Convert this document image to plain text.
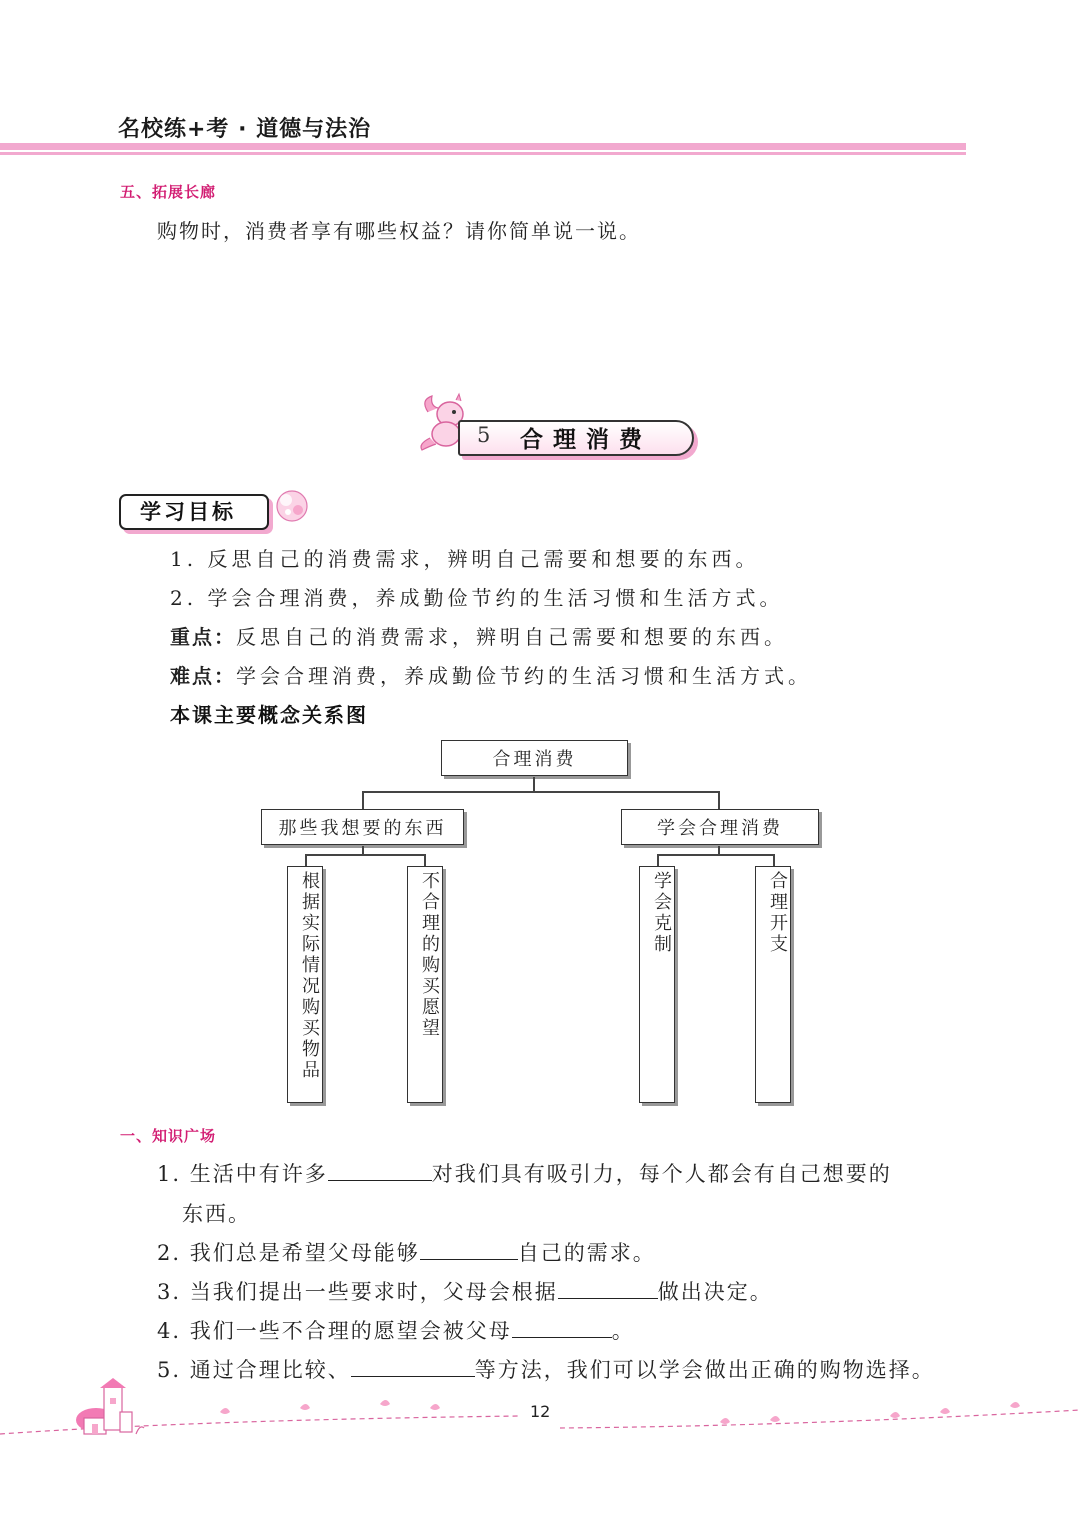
名校练+考 · 道德与法治
五、拓展长廊
购物时，消费者享有哪些权益？请你简单说一说。
5 合理消费
学习目标
1. 反思自己的消费需求，辨明自己需要和想要的东西。
2. 学会合理消费，养成勤俭节约的生活习惯和生活方式。
重点：反思自己的消费需求，辨明自己需要和想要的东西。
难点：学会合理消费，养成勤俭节约的生活习惯和生活方式。
本课主要概念关系图
合理消费
那些我想要的东西	学会合理消费
根据实际情况购买物品	不合理的购买愿望	学会克制	合理开支
一、知识广场
1. 生活中有许多	对我们具有吸引力，每个人都会有自己想要的
东西。
2. 我们总是希望父母能够	自己的需求。
3. 当我们提出一些要求时，父母会根据	做出决定。
4. 我们一些不合理的愿望会被父母	。
5. 通过合理比较、	等方法，我们可以学会做出正确的购物选择。
12
